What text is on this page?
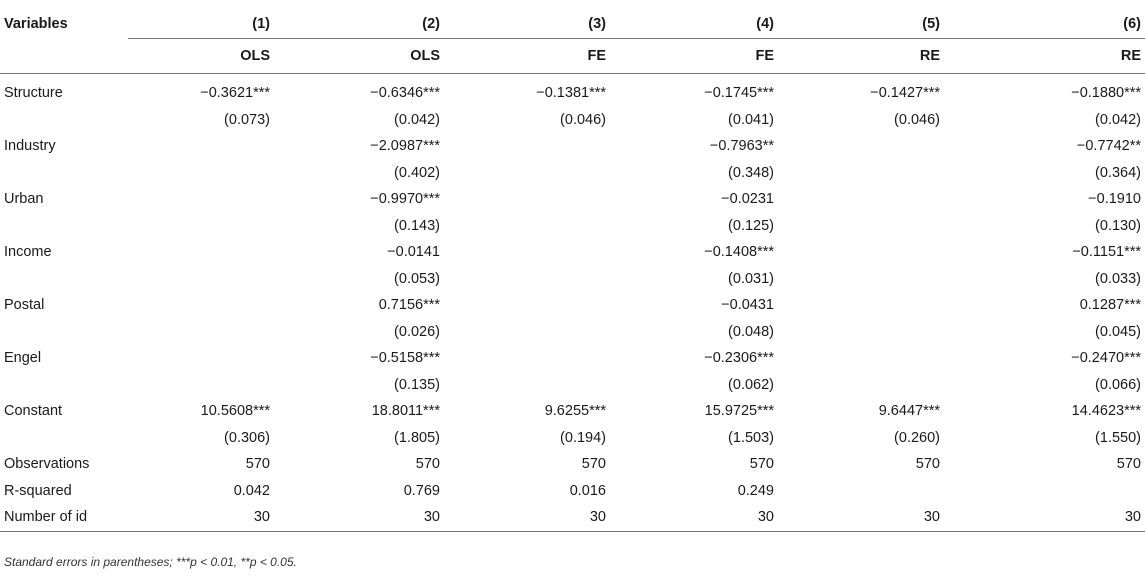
Variables	(1)	(2)	(3)	(4)	(5)	(6)
	OLS	OLS	FE	FE	RE	RE
Structure	−0.3621***	−0.6346***	−0.1381***	−0.1745***	−0.1427***	−0.1880***
	(0.073)	(0.042)	(0.046)	(0.041)	(0.046)	(0.042)
Industry		−2.0987***		−0.7963**		−0.7742**
		(0.402)		(0.348)		(0.364)
Urban		−0.9970***		−0.0231		−0.1910
		(0.143)		(0.125)		(0.130)
Income		−0.0141		−0.1408***		−0.1151***
		(0.053)		(0.031)		(0.033)
Postal		0.7156***		−0.0431		0.1287***
		(0.026)		(0.048)		(0.045)
Engel		−0.5158***		−0.2306***		−0.2470***
		(0.135)		(0.062)		(0.066)
Constant	10.5608***	18.8011***	9.6255***	15.9725***	9.6447***	14.4623***
	(0.306)	(1.805)	(0.194)	(1.503)	(0.260)	(1.550)
Observations	570	570	570	570	570	570
R-squared	0.042	0.769	0.016	0.249		
Number of id	30	30	30	30	30	30
Standard errors in parentheses; ***p < 0.01, **p < 0.05.
